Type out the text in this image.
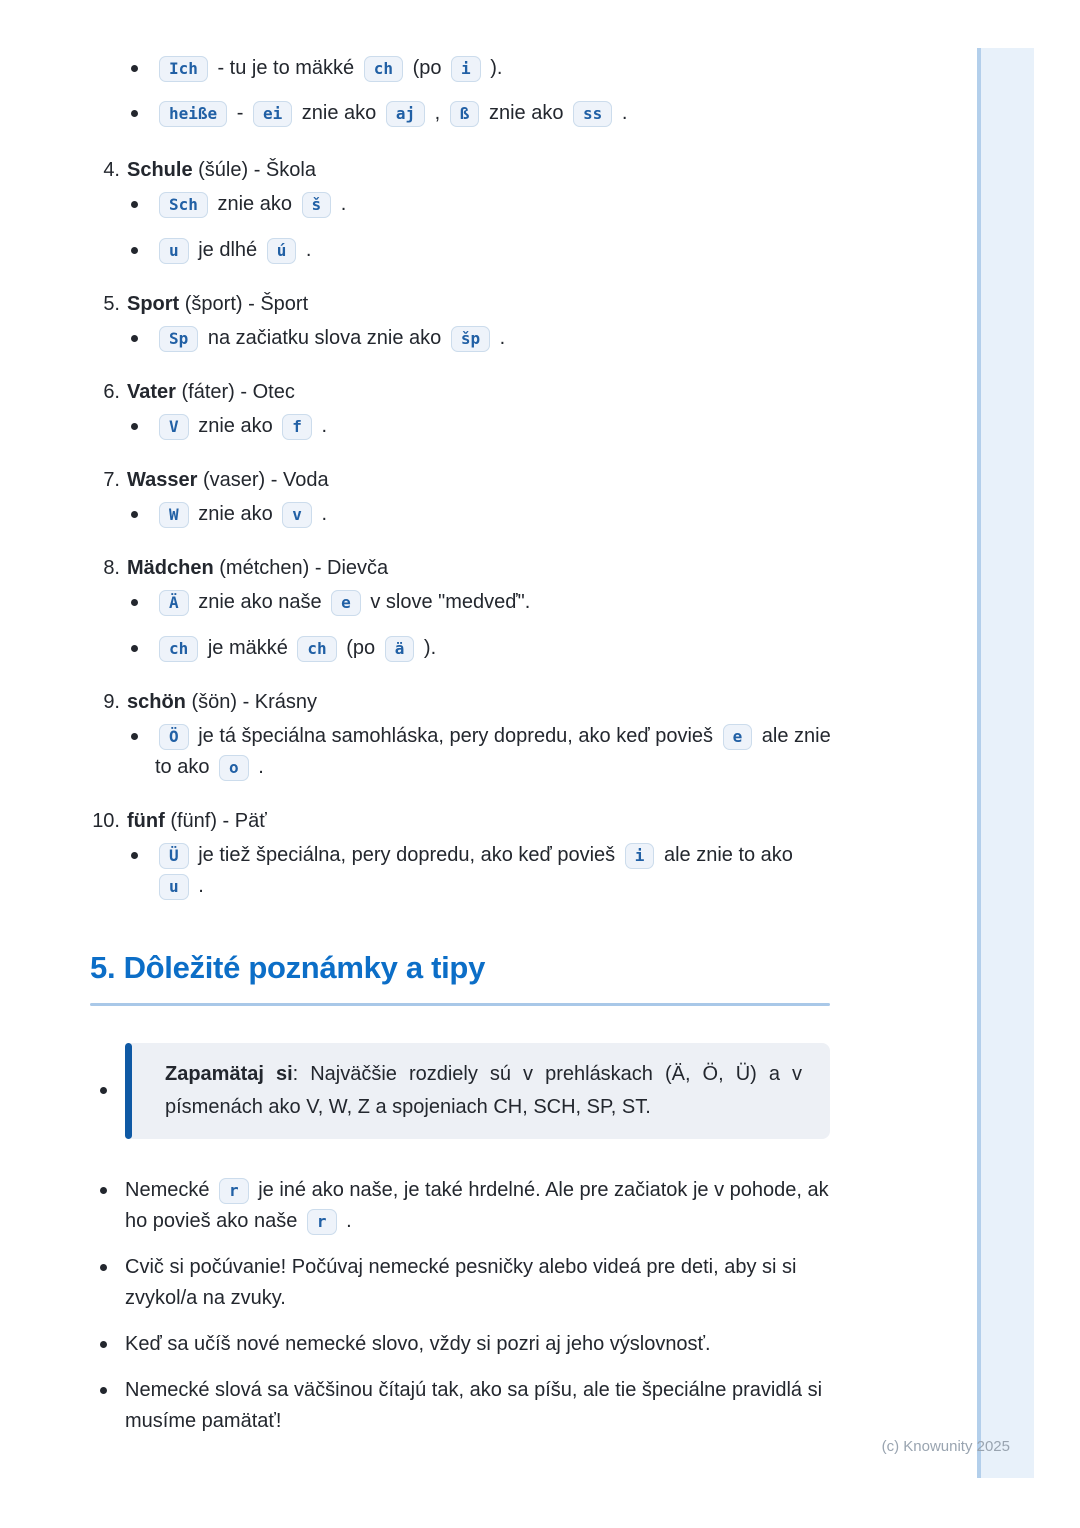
Ich - tu je to mäkké ch (po i ).
heiße - ei znie ako aj , ß znie ako ss .
4. Schule (šúle) - Škola
Sch znie ako š .
u je dlhé ú .
5. Sport (šport) - Šport
Sp na začiatku slova znie ako šp .
6. Vater (fáter) - Otec
V znie ako f .
7. Wasser (vaser) - Voda
W znie ako v .
8. Mädchen (métchen) - Dievča
Ä znie ako naše e v slove "medveď".
ch je mäkké ch (po ä ).
9. schön (šön) - Krásny
Ö je tá špeciálna samohláska, pery dopredu, ako keď povieš e ale znie to ako o .
10. fünf (fünf) - Päť
Ü je tiež špeciálna, pery dopredu, ako keď povieš i ale znie to ako u .
5. Dôležité poznámky a tipy
Zapamätaj si: Najväčšie rozdiely sú v prehláskach (Ä, Ö, Ü) a v písmenách ako V, W, Z a spojeniach CH, SCH, SP, ST.
Nemecké r je iné ako naše, je také hrdelné. Ale pre začiatok je v pohode, ak ho povieš ako naše r .
Cvič si počúvanie! Počúvaj nemecké pesničky alebo videá pre deti, aby si si zvykol/a na zvuky.
Keď sa učíš nové nemecké slovo, vždy si pozri aj jeho výslovnosť.
Nemecké slová sa väčšinou čítajú tak, ako sa píšu, ale tie špeciálne pravidlá si musíme pamätať!
(c) Knowunity 2025
